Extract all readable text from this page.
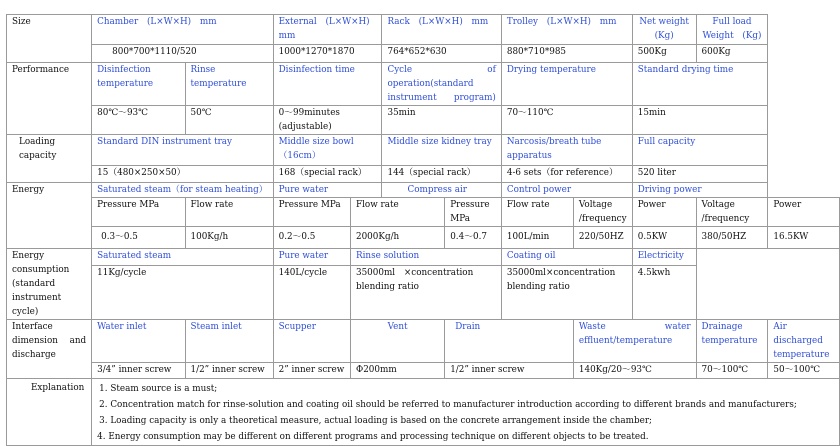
Size	Chamber　(L×W×H)　mm		External　(L×W×H)　mm		Rack　(L×W×H)　mm		Trolley　(L×W×H)　mm		Net weight　(Kg)	Full load Weight　(Kg)	
	800*700*1110/520		1000*1270*1870		764*652*630		880*710*985		500Kg	600Kg	
Performance	Disinfection temperature	Rinse temperature	Disinfection time		Cycle of operation(standard instrument program)		Drying temperature		Standard drying time		
	80℃～93℃	50℃	0～99minutes (adjustable)		35min		70～110℃		15min		
Loading capacity	Standard DIN instrument tray		Middle size bowl（16cm）		Middle size kidney tray		Narcosis/breath tube apparatus		Full capacity		
	15（480×250×50）		168（special rack）		144（special rack）		4-6 sets（for reference）		520 liter		
Energy	Saturated steam（for steam heating）		Pure water		Compress air		Control power		Driving power		
	Pressure MPa	Flow rate	Pressure MPa	Flow rate		Pressure MPa	Flow rate	Voltage /frequency	Power	Voltage /frequency	Power
	0.3～0.5	100Kg/h	0.2～0.5	2000Kg/h		0.4～0.7	100L/min	220/50HZ	0.5KW	380/50HZ	16.5KW
Energy consumption (standard instrument cycle)	Saturated steam		Pure water	Rinse solution			Coating oil		Electricity		
	11Kg/cycle		140L/cycle	35000ml　×concentration blending ratio			35000ml×concentration blending ratio		4.5kwh		
Interface dimension and discharge	Water inlet	Steam inlet	Scupper	Vent		Drain		Waste water effluent/temperature		Drainage temperature	Air discharged temperature
	3/4” inner screw	1/2” inner screw	2” inner screw	Φ200mm		1/2” inner screw		140Kg/20～93℃		70～100℃	50～100℃
Explanation	1. Steam source is a must;
2. Concentration match for rinse-solution and coating oil should be referred to manufacturer introduction according to different brands and manufacturers;
3. Loading capacity is only a theoretical measure, actual loading is based on the concrete arrangement inside the chamber;
4. Energy consumption may be different on different programs and processing technique on different objects to be treated.										
